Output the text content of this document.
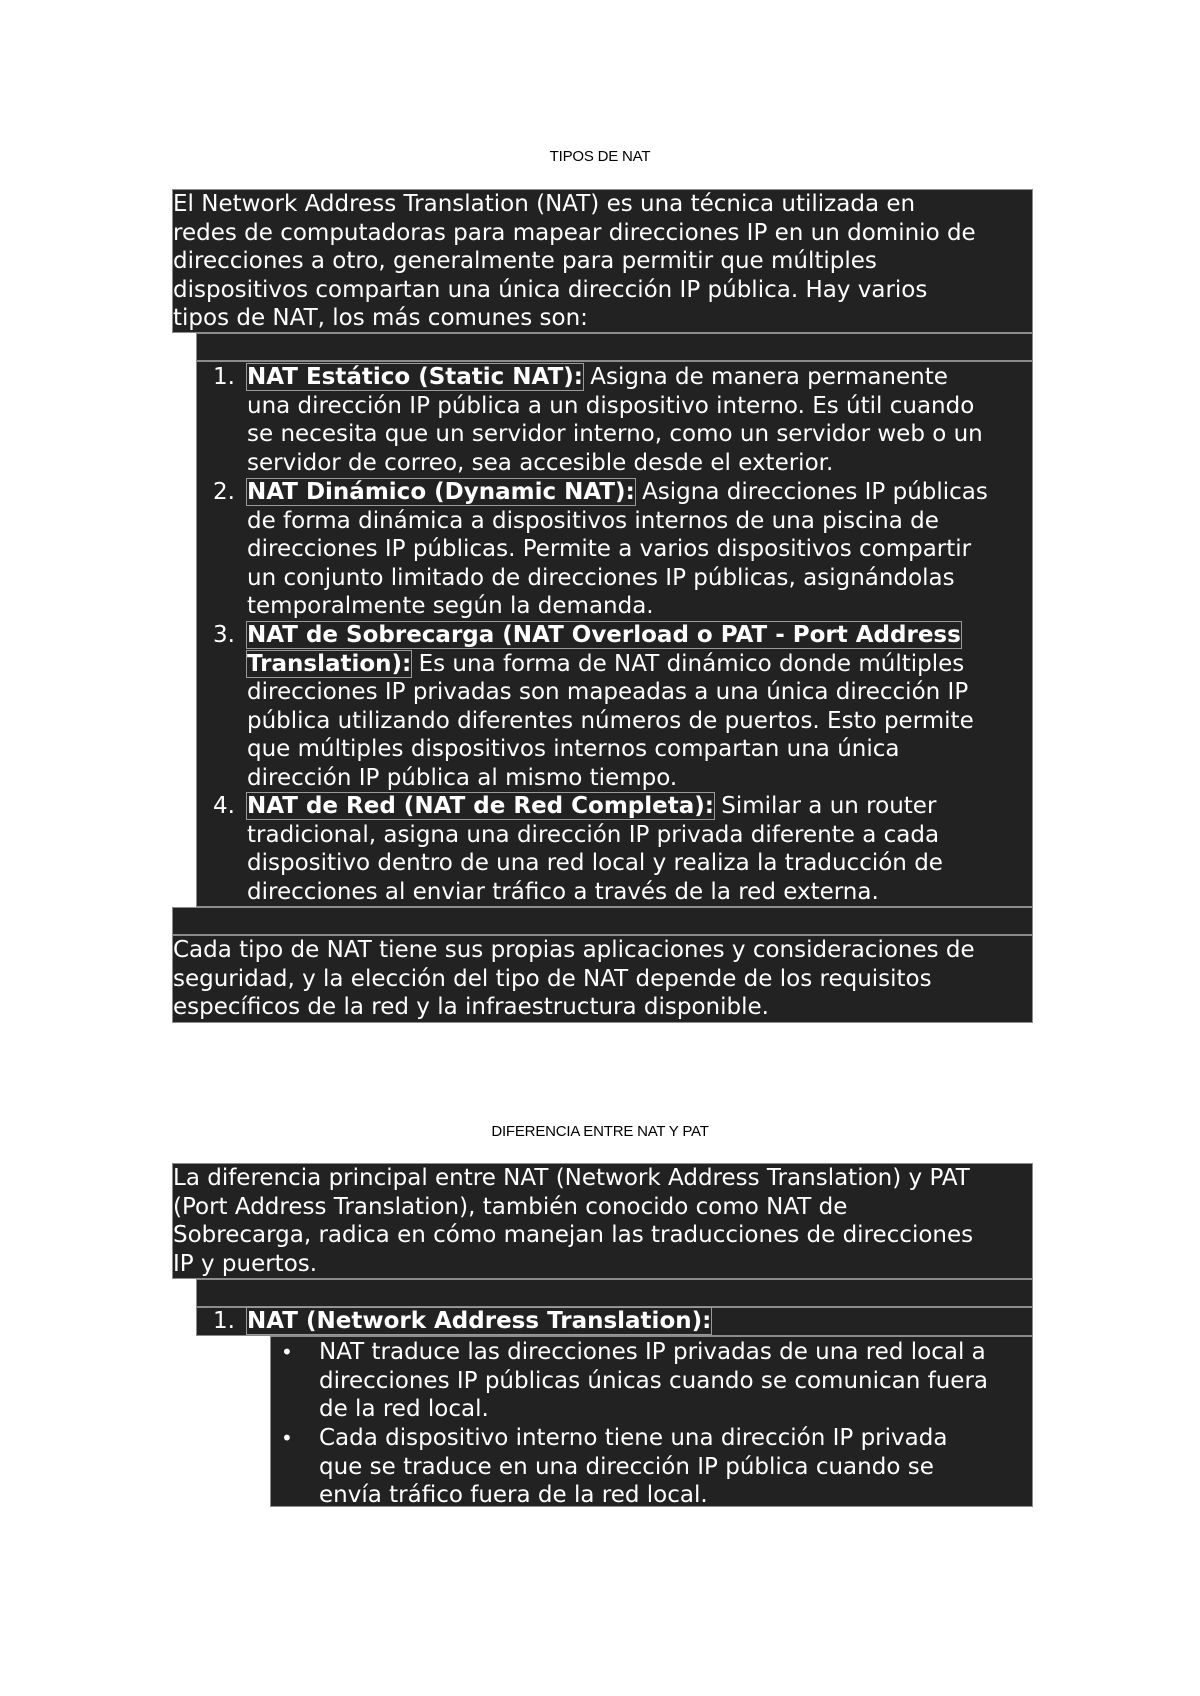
TIPOS DE NAT
El Network Address Translation (NAT) es una técnica utilizada en
redes de computadoras para mapear direcciones IP en un dominio de
direcciones a otro, generalmente para permitir que múltiples
dispositivos compartan una única dirección IP pública. Hay varios
tipos de NAT, los más comunes son:
1. NAT Estático (Static NAT): Asigna de manera permanente
una dirección IP pública a un dispositivo interno. Es útil cuando
se necesita que un servidor interno, como un servidor web o un
servidor de correo, sea accesible desde el exterior.
2. NAT Dinámico (Dynamic NAT): Asigna direcciones IP públicas
de forma dinámica a dispositivos internos de una piscina de
direcciones IP públicas. Permite a varios dispositivos compartir
un conjunto limitado de direcciones IP públicas, asignándolas
temporalmente según la demanda.
3. NAT de Sobrecarga (NAT Overload o PAT - Port Address
Translation): Es una forma de NAT dinámico donde múltiples
direcciones IP privadas son mapeadas a una única dirección IP
pública utilizando diferentes números de puertos. Esto permite
que múltiples dispositivos internos compartan una única
dirección IP pública al mismo tiempo.
4. NAT de Red (NAT de Red Completa): Similar a un router
tradicional, asigna una dirección IP privada diferente a cada
dispositivo dentro de una red local y realiza la traducción de
direcciones al enviar tráfico a través de la red externa.
Cada tipo de NAT tiene sus propias aplicaciones y consideraciones de
seguridad, y la elección del tipo de NAT depende de los requisitos
específicos de la red y la infraestructura disponible.
DIFERENCIA ENTRE NAT Y PAT
La diferencia principal entre NAT (Network Address Translation) y PAT
(Port Address Translation), también conocido como NAT de
Sobrecarga, radica en cómo manejan las traducciones de direcciones
IP y puertos.
1. NAT (Network Address Translation):
• NAT traduce las direcciones IP privadas de una red local a
direcciones IP públicas únicas cuando se comunican fuera
de la red local.
• Cada dispositivo interno tiene una dirección IP privada
que se traduce en una dirección IP pública cuando se
envía tráfico fuera de la red local.
